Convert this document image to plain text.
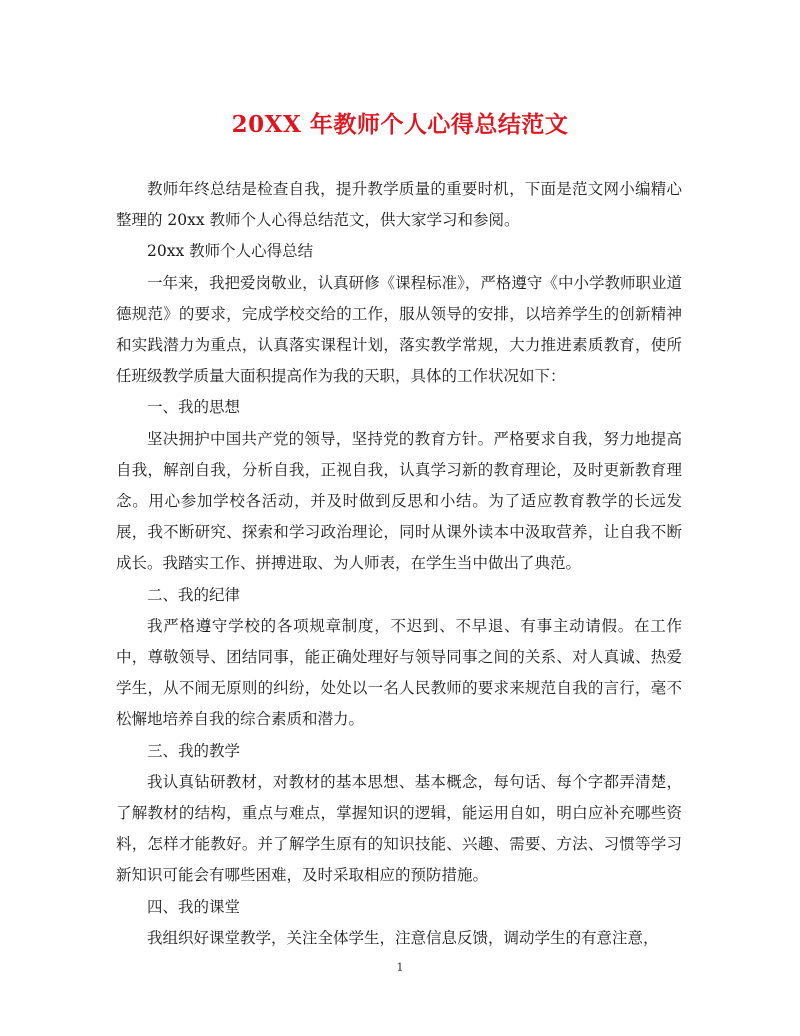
20XX 年教师个人心得总结范文

教师年终总结是检查自我，提升教学质量的重要时机，下面是范文网小编精心整理的 20xx 教师个人心得总结范文，供大家学习和参阅。

20xx 教师个人心得总结

一年来，我把爱岗敬业，认真研修《课程标准》，严格遵守《中小学教师职业道德规范》的要求，完成学校交给的工作，服从领导的安排，以培养学生的创新精神和实践潜力为重点，认真落实课程计划，落实教学常规，大力推进素质教育，使所任班级教学质量大面积提高作为我的天职，具体的工作状况如下：

一、我的思想

坚决拥护中国共产党的领导，坚持党的教育方针。严格要求自我，努力地提高自我，解剖自我，分析自我，正视自我，认真学习新的教育理论，及时更新教育理念。用心参加学校各活动，并及时做到反思和小结。为了适应教育教学的长远发展，我不断研究、探索和学习政治理论，同时从课外读本中汲取营养，让自我不断成长。我踏实工作、拼搏进取、为人师表，在学生当中做出了典范。

二、我的纪律

我严格遵守学校的各项规章制度，不迟到、不早退、有事主动请假。在工作中，尊敬领导、团结同事，能正确处理好与领导同事之间的关系、对人真诚、热爱学生，从不闹无原则的纠纷，处处以一名人民教师的要求来规范自我的言行，毫不松懈地培养自我的综合素质和潜力。

三、我的教学

我认真钻研教材，对教材的基本思想、基本概念，每句话、每个字都弄清楚，了解教材的结构，重点与难点，掌握知识的逻辑，能运用自如，明白应补充哪些资料，怎样才能教好。并了解学生原有的知识技能、兴趣、需要、方法、习惯等学习新知识可能会有哪些困难，及时采取相应的预防措施。

四、我的课堂

我组织好课堂教学，关注全体学生，注意信息反馈，调动学生的有意注意，

1
